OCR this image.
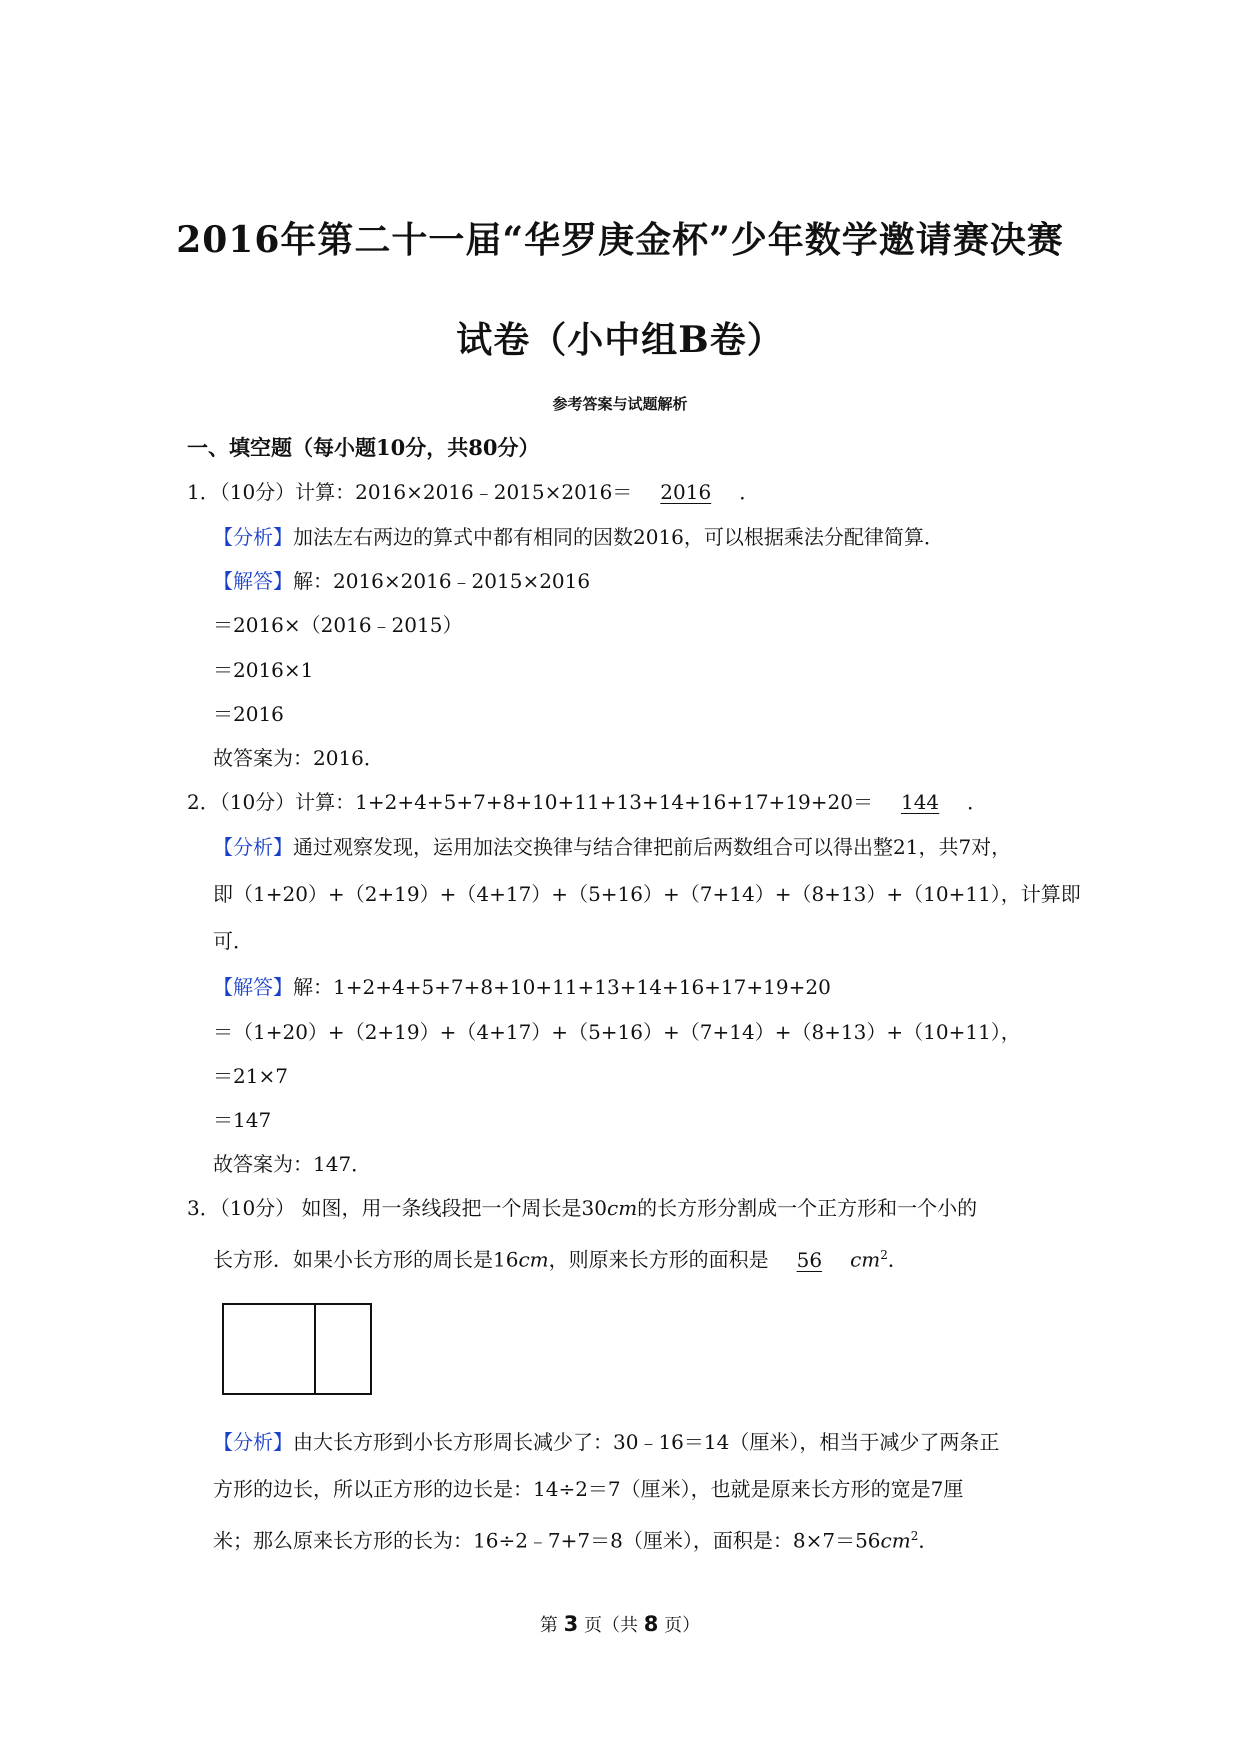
2016年第二十一届“华罗庚金杯”少年数学邀请赛决赛
试卷（小中组B卷）
参考答案与试题解析
一、填空题（每小题10分，共80分）
1．（10分）计算：2016×2016﹣2015×2016＝ 2016 ．
【分析】加法左右两边的算式中都有相同的因数2016，可以根据乘法分配律简算．
【解答】解：2016×2016﹣2015×2016
＝2016×（2016﹣2015）
＝2016×1
＝2016
故答案为：2016．
2．（10分）计算：1+2+4+5+7+8+10+11+13+14+16+17+19+20＝ 144 ．
【分析】通过观察发现，运用加法交换律与结合律把前后两数组合可以得出整21，共7对，
即（1+20）+（2+19）+（4+17）+（5+16）+（7+14）+（8+13）+（10+11），计算即
可．
【解答】解：1+2+4+5+7+8+10+11+13+14+16+17+19+20
＝（1+20）+（2+19）+（4+17）+（5+16）+（7+14）+（8+13）+（10+11），
＝21×7
＝147
故答案为：147．
3．（10分） 如图，用一条线段把一个周长是30cm的长方形分割成一个正方形和一个小的
长方形．如果小长方形的周长是16cm，则原来长方形的面积是 56 $cm^2$．
【分析】由大长方形到小长方形周长减少了：30﹣16＝14（厘米），相当于减少了两条正
方形的边长，所以正方形的边长是：14÷2＝7（厘米），也就是原来长方形的宽是7厘
米；那么原来长方形的长为：16÷2﹣7+7＝8（厘米），面积是：$8\times 7=56cm^2$．
第 3 页（共 8 页）
